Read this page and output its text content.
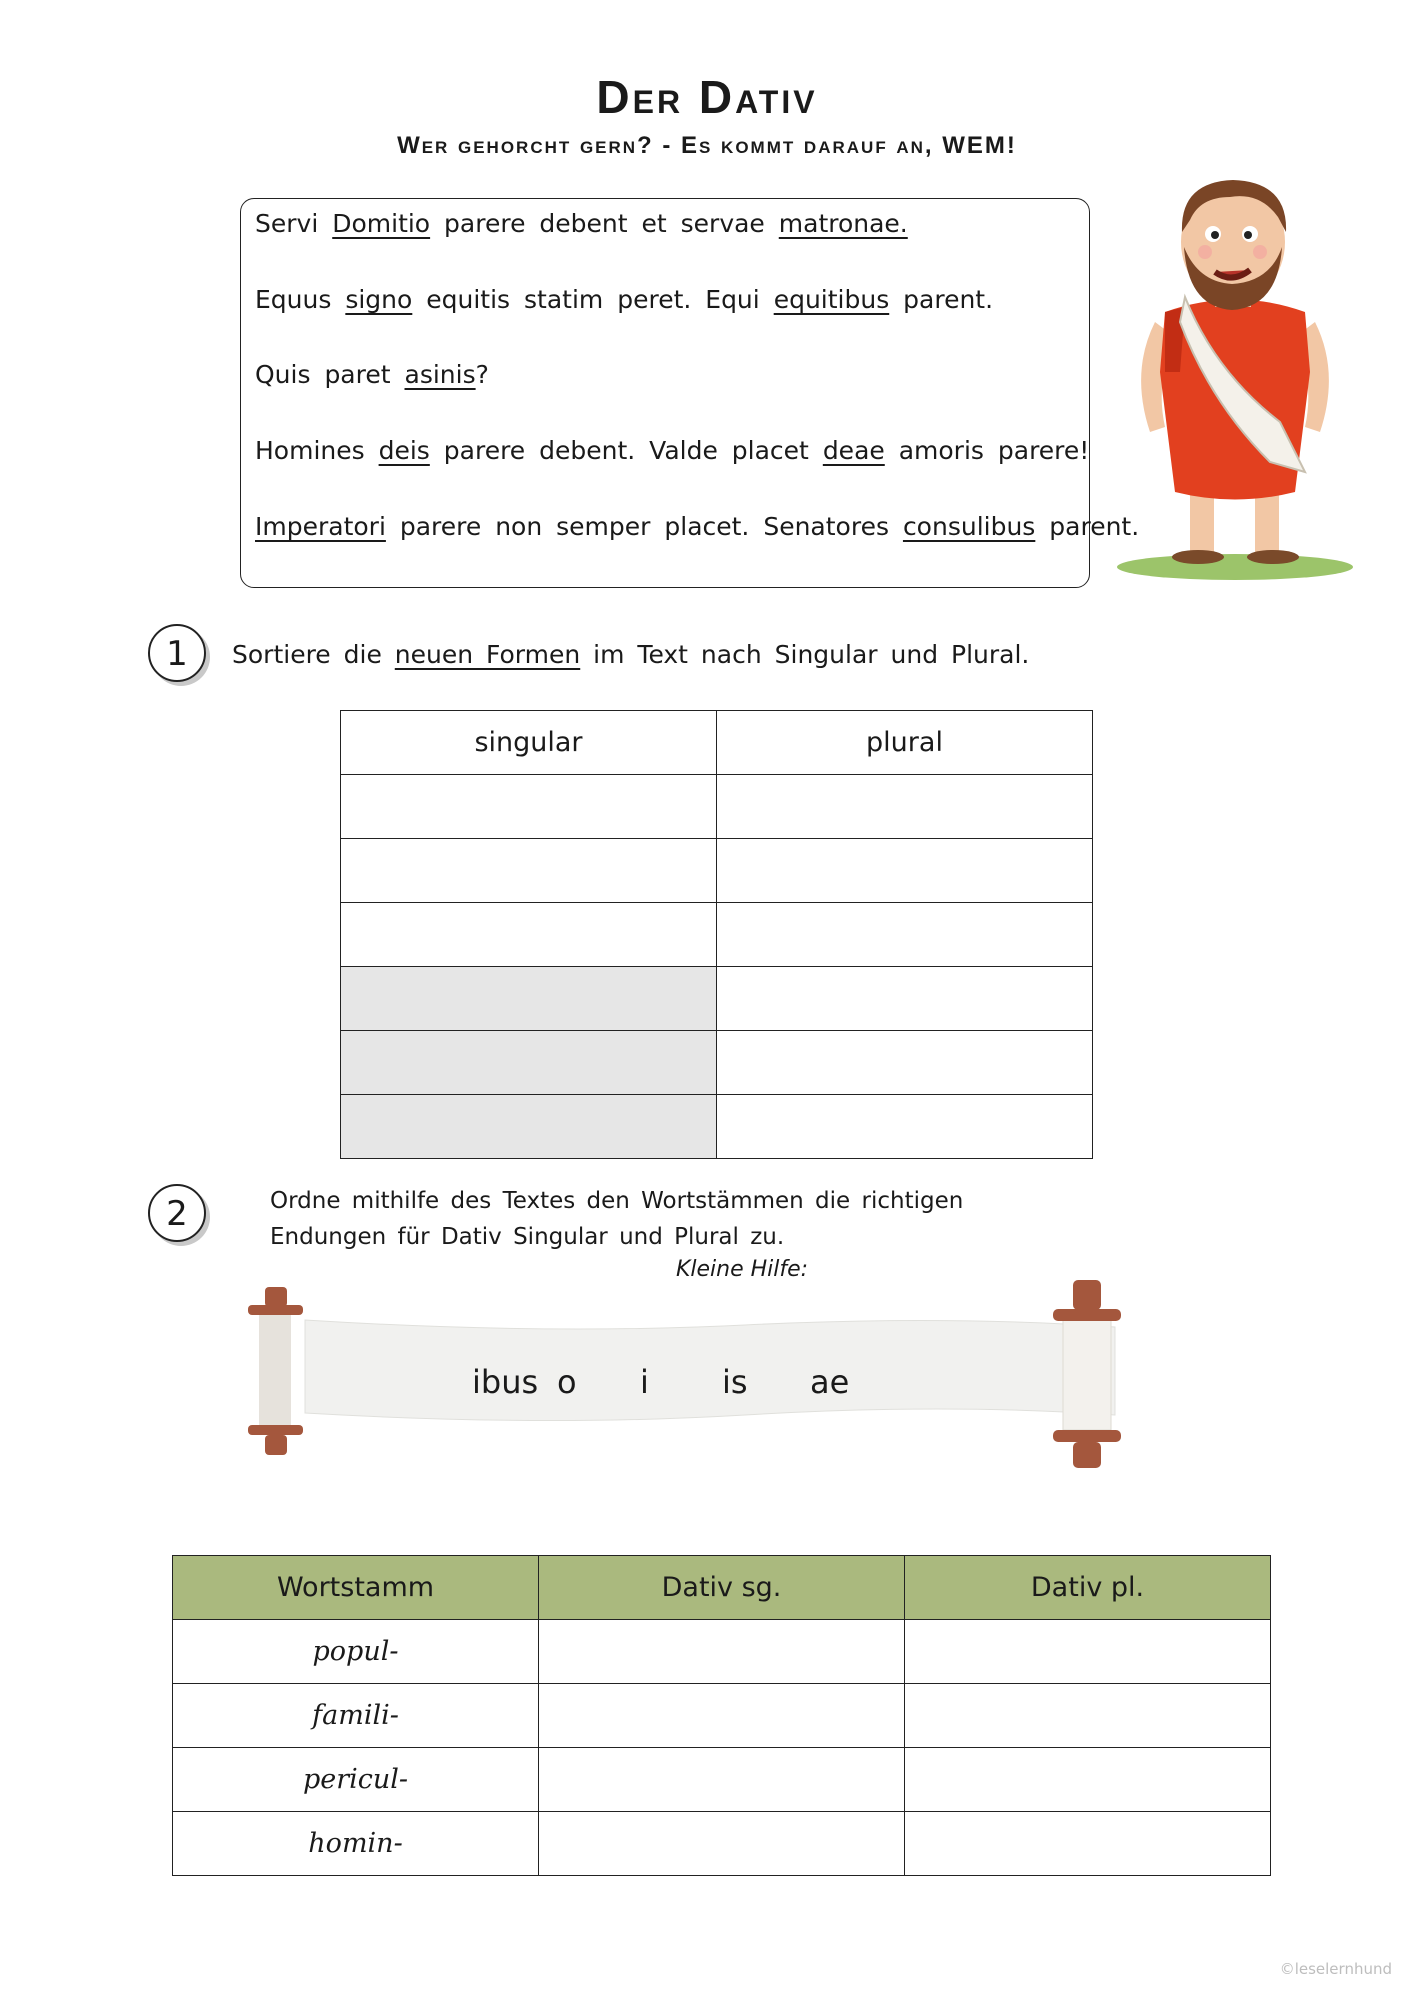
Der Dativ
Wer gehorcht gern? - Es kommt darauf an, WEM!
Servi Domitio parere debent et servae matronae.
Equus signo equitis statim peret. Equi equitibus parent.
Quis paret asinis?
Homines deis parere debent. Valde placet deae amoris parere!
Imperatori parere non semper placet. Senatores consulibus parent.
1	Sortiere die neuen Formen im Text nach Singular und Plural.
singular	plural

2	Ordne mithilfe des Textes den Wortstämmen die richtigen Endungen für Dativ Singular und Plural zu.
Kleine Hilfe:
ibus o i is ae
Wortstamm	Dativ sg.	Dativ pl.
popul-		
famili-		
pericul-		
homin-		
©leselernhund
